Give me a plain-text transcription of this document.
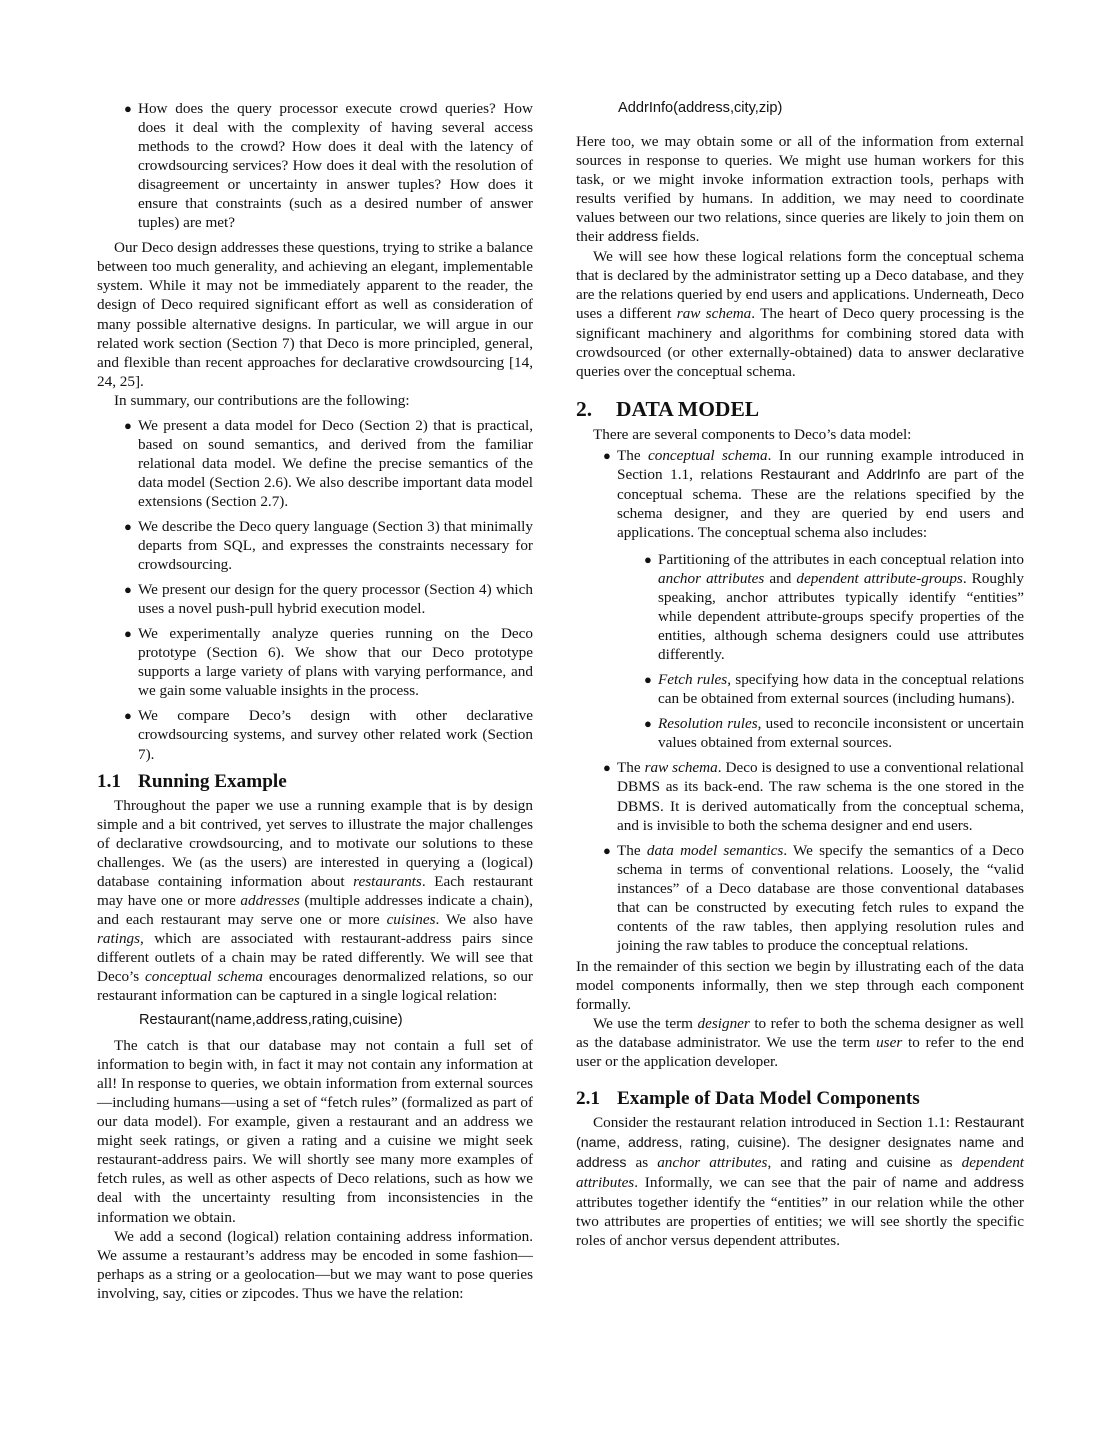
● How does the query processor execute crowd queries? How does it deal with the complexity of having several access methods to the crowd? How does it deal with the latency of crowdsourcing services? How does it deal with the resolution of disagreement or uncertainty in answer tuples? How does it ensure that constraints (such as a desired number of answer tuples) are met?

Our Deco design addresses these questions, trying to strike a balance between too much generality, and achieving an elegant, implementable system. While it may not be immediately apparent to the reader, the design of Deco required significant effort as well as consideration of many possible alternative designs. In particular, we will argue in our related work section (Section 7) that Deco is more principled, general, and flexible than recent approaches for declarative crowdsourcing [14, 24, 25].

In summary, our contributions are the following:

● We present a data model for Deco (Section 2) that is practical, based on sound semantics, and derived from the familiar relational data model. We define the precise semantics of the data model (Section 2.6). We also describe important data model extensions (Section 2.7).
● We describe the Deco query language (Section 3) that minimally departs from SQL, and expresses the constraints necessary for crowdsourcing.
● We present our design for the query processor (Section 4) which uses a novel push-pull hybrid execution model.
● We experimentally analyze queries running on the Deco prototype (Section 6). We show that our Deco prototype supports a large variety of plans with varying performance, and we gain some valuable insights in the process.
● We compare Deco’s design with other declarative crowdsourcing systems, and survey other related work (Section 7).
1.1 Running Example

Throughout the paper we use a running example that is by design simple and a bit contrived, yet serves to illustrate the major challenges of declarative crowdsourcing, and to motivate our solutions to these challenges. We (as the users) are interested in querying a (logical) database containing information about restaurants. Each restaurant may have one or more addresses (multiple addresses indicate a chain), and each restaurant may serve one or more cuisines. We also have ratings, which are associated with restaurant-address pairs since different outlets of a chain may be rated differently. We will see that Deco’s conceptual schema encourages denormalized relations, so our restaurant information can be captured in a single logical relation:

Restaurant(name,address,rating,cuisine)

The catch is that our database may not contain a full set of information to begin with, in fact it may not contain any information at all! In response to queries, we obtain information from external sources—including humans—using a set of “fetch rules” (formalized as part of our data model). For example, given a restaurant and an address we might seek ratings, or given a rating and a cuisine we might seek restaurant-address pairs. We will shortly see many more examples of fetch rules, as well as other aspects of Deco relations, such as how we deal with the uncertainty resulting from inconsistencies in the information we obtain.

We add a second (logical) relation containing address information. We assume a restaurant’s address may be encoded in some fashion—perhaps as a string or a geolocation—but we may want to pose queries involving, say, cities or zipcodes. Thus we have the relation:

AddrInfo(address,city,zip)

Here too, we may obtain some or all of the information from external sources in response to queries. We might use human workers for this task, or we might invoke information extraction tools, perhaps with results verified by humans. In addition, we may need to coordinate values between our two relations, since queries are likely to join them on their address fields.

We will see how these logical relations form the conceptual schema that is declared by the administrator setting up a Deco database, and they are the relations queried by end users and applications. Underneath, Deco uses a different raw schema. The heart of Deco query processing is the significant machinery and algorithms for combining stored data with crowdsourced (or other externally-obtained) data to answer declarative queries over the conceptual schema.

2. DATA MODEL

There are several components to Deco’s data model:

● The conceptual schema. In our running example introduced in Section 1.1, relations Restaurant and AddrInfo are part of the conceptual schema. These are the relations specified by the schema designer, and they are queried by end users and applications. The conceptual schema also includes:
● Partitioning of the attributes in each conceptual relation into anchor attributes and dependent attribute-groups. Roughly speaking, anchor attributes typically identify “entities” while dependent attribute-groups specify properties of the entities, although schema designers could use attributes differently.
● Fetch rules, specifying how data in the conceptual relations can be obtained from external sources (including humans).
● Resolution rules, used to reconcile inconsistent or uncertain values obtained from external sources.
● The raw schema. Deco is designed to use a conventional relational DBMS as its back-end. The raw schema is the one stored in the DBMS. It is derived automatically from the conceptual schema, and is invisible to both the schema designer and end users.
● The data model semantics. We specify the semantics of a Deco schema in terms of conventional relations. Loosely, the “valid instances” of a Deco database are those conventional databases that can be constructed by executing fetch rules to expand the contents of the raw tables, then applying resolution rules and joining the raw tables to produce the conceptual relations.

In the remainder of this section we begin by illustrating each of the data model components informally, then we step through each component formally.

We use the term designer to refer to both the schema designer as well as the database administrator. We use the term user to refer to the end user or the application developer.

2.1 Example of Data Model Components

Consider the restaurant relation introduced in Section 1.1: Restaurant (name, address, rating, cuisine). The designer designates name and address as anchor attributes, and rating and cuisine as dependent attributes. Informally, we can see that the pair of name and address attributes together identify the “entities” in our relation while the other two attributes are properties of entities; we will see shortly the specific roles of anchor versus dependent attributes.
